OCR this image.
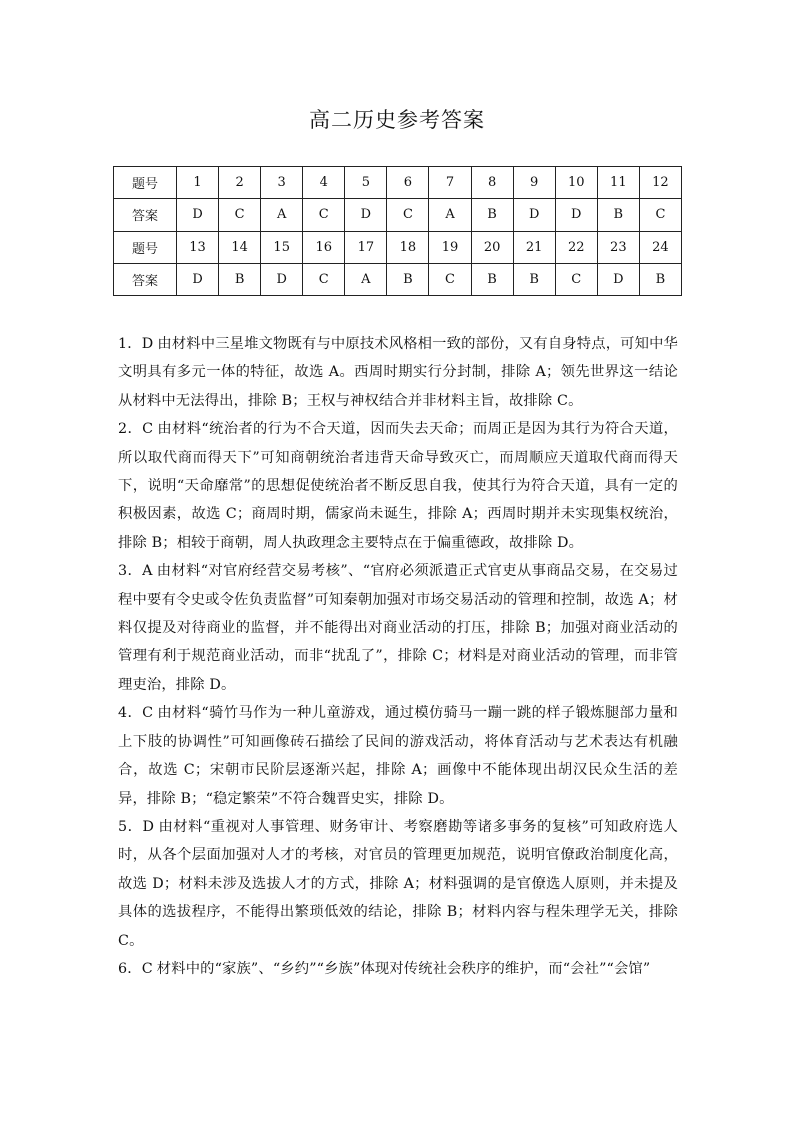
高二历史参考答案
题号	1	2	3	4	5	6	7	8	9	10	11	12
答案	D	C	A	C	D	C	A	B	D	D	B	C
题号	13	14	15	16	17	18	19	20	21	22	23	24
答案	D	B	D	C	A	B	C	B	B	C	D	B

1．D 由材料中三星堆文物既有与中原技术风格相一致的部份，又有自身特点，可知中华文明具有多元一体的特征，故选 A。西周时期实行分封制，排除 A；领先世界这一结论从材料中无法得出，排除 B；王权与神权结合并非材料主旨，故排除 C。

2．C 由材料“统治者的行为不合天道，因而失去天命；而周正是因为其行为符合天道，所以取代商而得天下”可知商朝统治者违背天命导致灭亡，而周顺应天道取代商而得天下，说明“天命靡常”的思想促使统治者不断反思自我，使其行为符合天道，具有一定的积极因素，故选 C；商周时期，儒家尚未诞生，排除 A；西周时期并未实现集权统治，排除 B；相较于商朝，周人执政理念主要特点在于偏重德政，故排除 D。

3．A 由材料“对官府经营交易考核”、“官府必须派遣正式官吏从事商品交易，在交易过程中要有令史或令佐负责监督”可知秦朝加强对市场交易活动的管理和控制，故选 A；材料仅提及对待商业的监督，并不能得出对商业活动的打压，排除 B；加强对商业活动的管理有利于规范商业活动，而非“扰乱了”，排除 C；材料是对商业活动的管理，而非管理吏治，排除 D。

4．C 由材料“骑竹马作为一种儿童游戏，通过模仿骑马一蹦一跳的样子锻炼腿部力量和上下肢的协调性”可知画像砖石描绘了民间的游戏活动，将体育活动与艺术表达有机融合，故选 C；宋朝市民阶层逐渐兴起，排除 A；画像中不能体现出胡汉民众生活的差异，排除 B；“稳定繁荣”不符合魏晋史实，排除 D。

5．D 由材料“重视对人事管理、财务审计、考察磨勘等诸多事务的复核”可知政府选人时，从各个层面加强对人才的考核，对官员的管理更加规范，说明官僚政治制度化高，故选 D；材料未涉及选拔人才的方式，排除 A；材料强调的是官僚选人原则，并未提及具体的选拔程序，不能得出繁琐低效的结论，排除 B；材料内容与程朱理学无关，排除 C。

6．C 材料中的“家族”、“乡约”“乡族”体现对传统社会秩序的维护，而“会社”“会馆”
